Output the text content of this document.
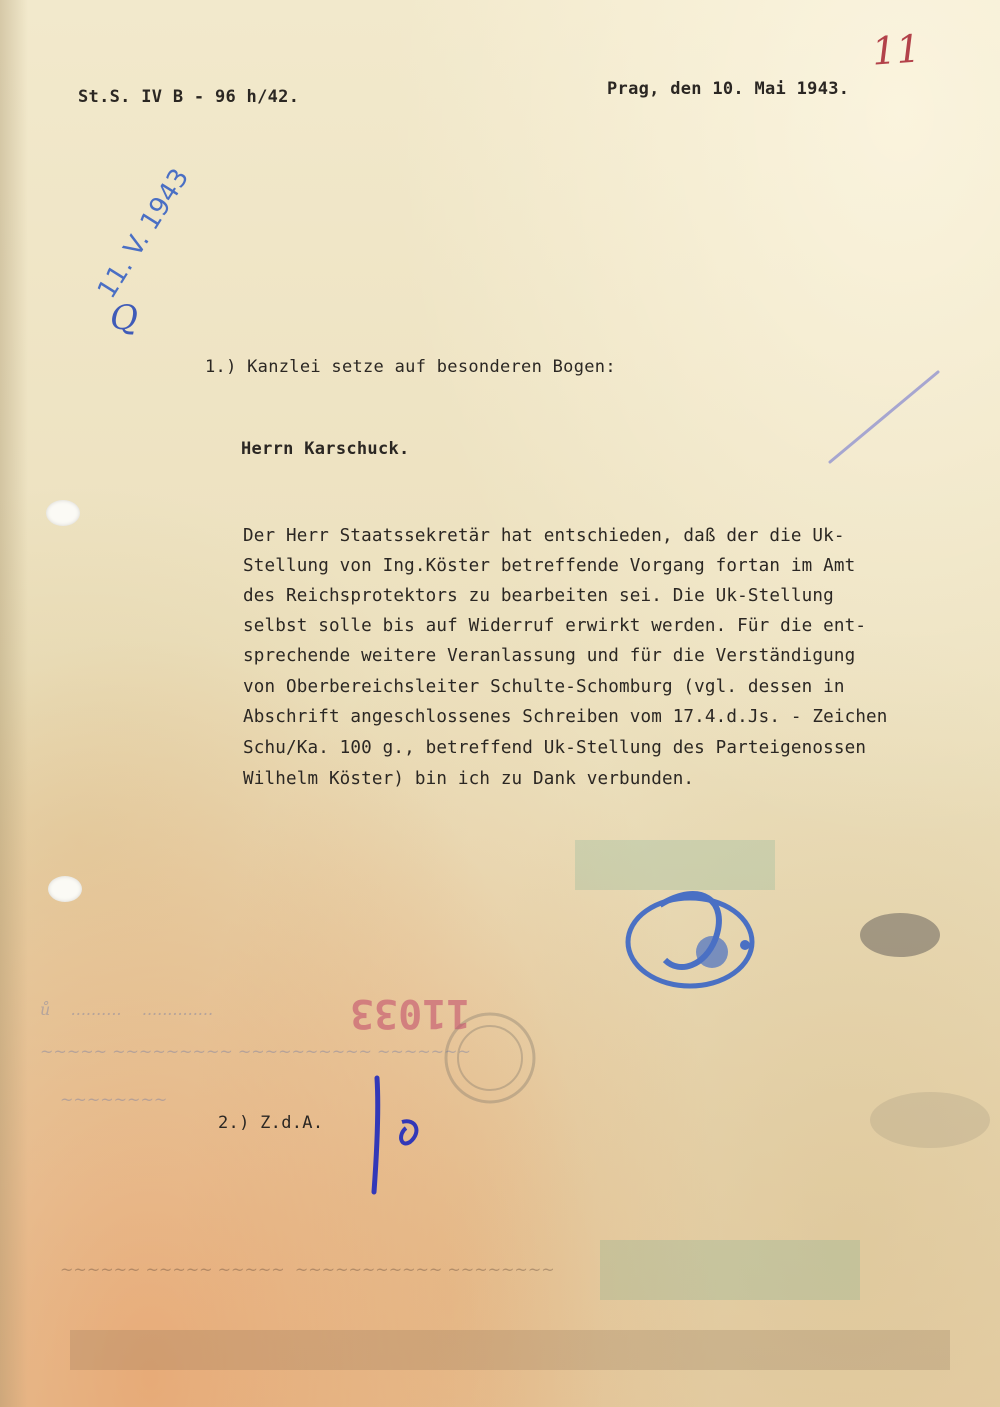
St.S. IV B - 96 h/42.	Prag, den 10. Mai 1943.
11
11. V. 1943
Q
1.) Kanzlei setze auf besonderen Bogen:
Herrn Karschuck.
Der Herr Staatssekretär hat entschieden, daß der die Uk-
Stellung von Ing.Köster betreffende Vorgang fortan im Amt
des Reichsprotektors zu bearbeiten sei. Die Uk-Stellung
selbst solle bis auf Widerruf erwirkt werden. Für die ent-
sprechende weitere Veranlassung und für die Verständigung
von Oberbereichsleiter Schulte-Schomburg (vgl. dessen in
Abschrift angeschlossenes Schreiben vom 17.4.d.Js. - Zeichen
Schu/Ka. 100 g., betreffend Uk-Stellung des Parteigenossen
Wilhelm Köster) bin ich zu Dank verbunden.
11033
ů    ..........    ..............
~~~~~ ~~~~~~~~~ ~~~~~~~~~~ ~~~~~~~
~~~~~~~~
~~~~~~ ~~~~~ ~~~~~  ~~~~~~~~~~~ ~~~~~~~~
2.) Z.d.A.
